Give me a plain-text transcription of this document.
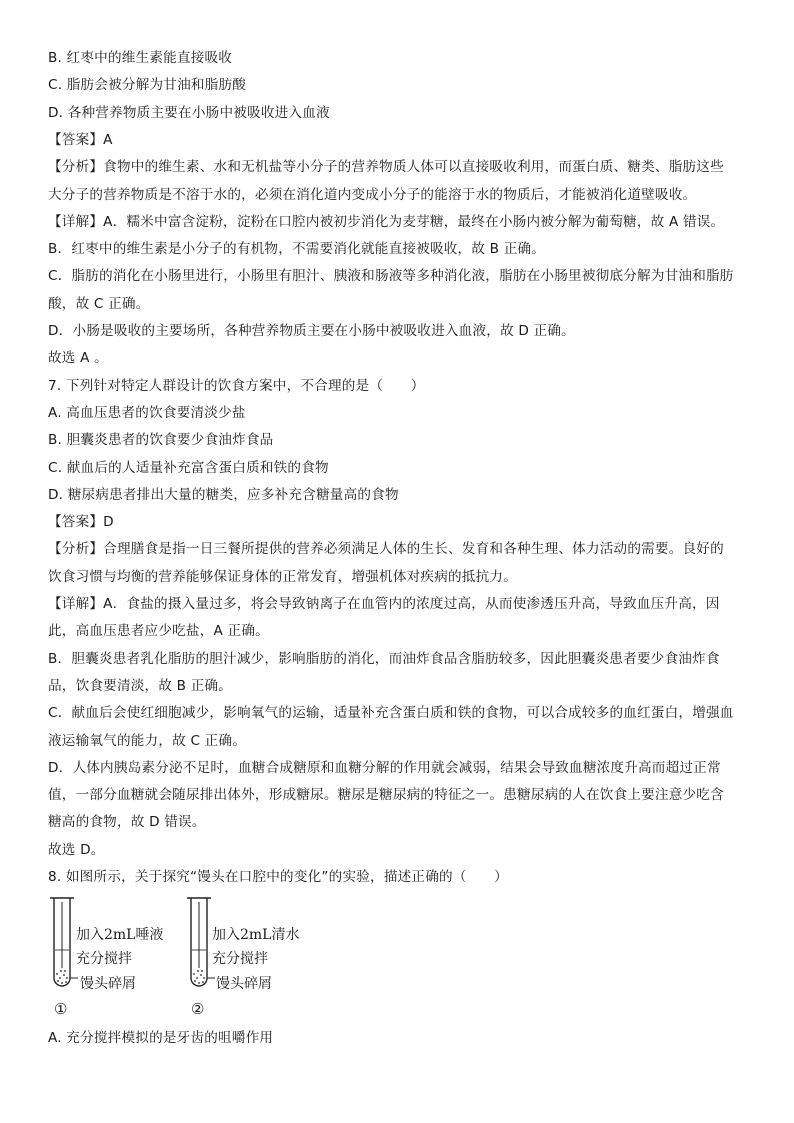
B. 红枣中的维生素能直接吸收
C. 脂肪会被分解为甘油和脂肪酸
D. 各种营养物质主要在小肠中被吸收进入血液
【答案】A
【分析】食物中的维生素、水和无机盐等小分子的营养物质人体可以直接吸收利用，而蛋白质、糖类、脂肪这些
大分子的营养物质是不溶于水的，必须在消化道内变成小分子的能溶于水的物质后，才能被消化道壁吸收。
【详解】A．糯米中富含淀粉，淀粉在口腔内被初步消化为麦芽糖，最终在小肠内被分解为葡萄糖，故 A 错误。
B．红枣中的维生素是小分子的有机物，不需要消化就能直接被吸收，故 B 正确。
C．脂肪的消化在小肠里进行，小肠里有胆汁、胰液和肠液等多种消化液，脂肪在小肠里被彻底分解为甘油和脂肪
酸，故 C 正确。
D．小肠是吸收的主要场所，各种营养物质主要在小肠中被吸收进入血液，故 D 正确。
故选 A 。
7. 下列针对特定人群设计的饮食方案中，不合理的是（　　）
A. 高血压患者的饮食要清淡少盐
B. 胆囊炎患者的饮食要少食油炸食品
C. 献血后的人适量补充富含蛋白质和铁的食物
D. 糖尿病患者排出大量的糖类，应多补充含糖量高的食物
【答案】D
【分析】合理膳食是指一日三餐所提供的营养必须满足人体的生长、发育和各种生理、体力活动的需要。良好的
饮食习惯与均衡的营养能够保证身体的正常发育，增强机体对疾病的抵抗力。
【详解】A．食盐的摄入量过多，将会导致钠离子在血管内的浓度过高，从而使渗透压升高，导致血压升高，因
此，高血压患者应少吃盐，A 正确。
B．胆囊炎患者乳化脂肪的胆汁减少，影响脂肪的消化，而油炸食品含脂肪较多，因此胆囊炎患者要少食油炸食
品，饮食要清淡，故 B 正确。
C．献血后会使红细胞减少，影响氧气的运输，适量补充含蛋白质和铁的食物，可以合成较多的血红蛋白，增强血
液运输氧气的能力，故 C 正确。
D．人体内胰岛素分泌不足时，血糖合成糖原和血糖分解的作用就会减弱，结果会导致血糖浓度升高而超过正常
值，一部分血糖就会随尿排出体外，形成糖尿。糖尿是糖尿病的特征之一。患糖尿病的人在饮食上要注意少吃含
糖高的食物，故 D 错误。
故选 D。
8. 如图所示，关于探究“馒头在口腔中的变化”的实验，描述正确的（　　）
加入2mL唾液
充分搅拌
馒头碎屑
①
加入2mL清水
充分搅拌
馒头碎屑
②
A. 充分搅拌模拟的是牙齿的咀嚼作用
